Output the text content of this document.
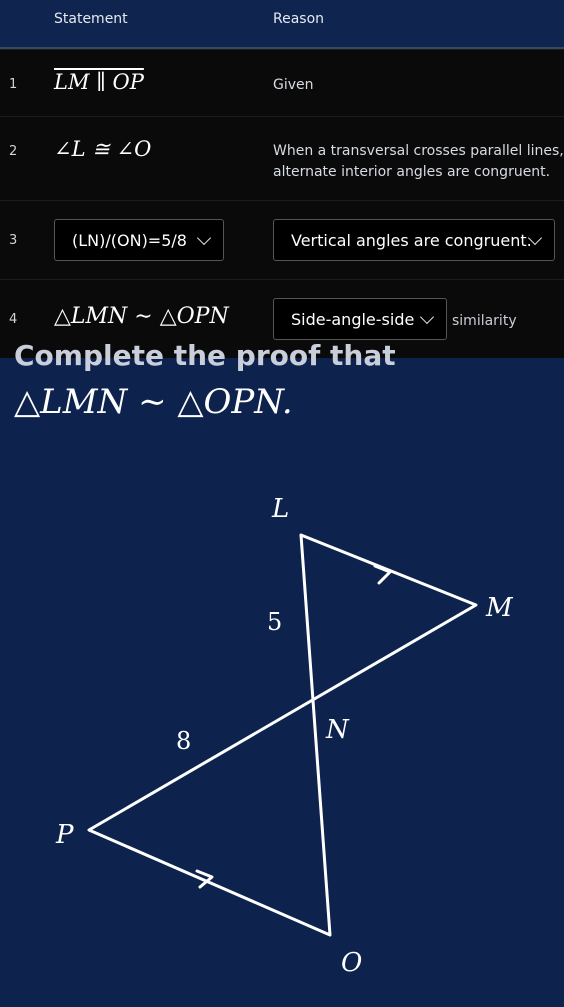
Statement	Reason
1 LM ∥ OP	Given
2 ∠L ≅ ∠O	When a transversal crosses parallel lines,
alternate interior angles are congruent.
3	(LN)/(ON)=5/8	Vertical angles are congruent.
4 △LMN ∼ △OPN	Side-angle-side	similarity
Complete the proof that
△LMN ∼ △OPN.
L
M
N
P
O
5
8
